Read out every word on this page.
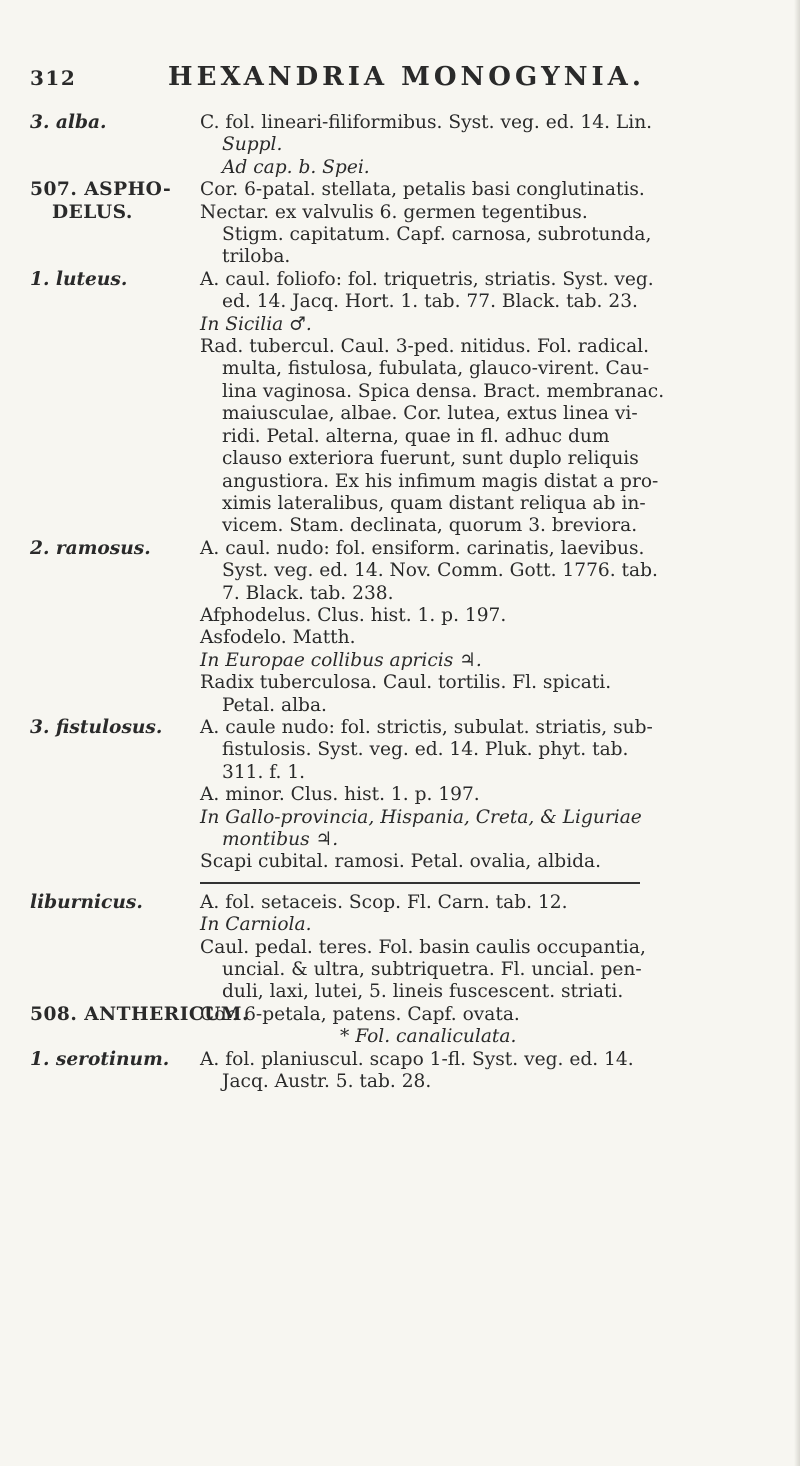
312	HEXANDRIA MONOGYNIA.
3. alba.	C. fol. lineari-filiformibus. Syst. veg. ed. 14. Lin.
Suppl.
Ad cap. b. Spei.
507. ASPHO-
DELUS.
Cor. 6-patal. stellata, petalis basi conglutinatis.
Nectar. ex valvulis 6. germen tegentibus.
Stigm. capitatum. Capf. carnosa, subrotunda,
triloba.
1. luteus.	A. caul. foliofo: fol. triquetris, striatis. Syst. veg.
ed. 14. Jacq. Hort. 1. tab. 77. Black. tab. 23.
In Sicilia ♂.
Rad. tubercul. Caul. 3-ped. nitidus. Fol. radical.
multa, fistulosa, fubulata, glauco-virent. Cau-
lina vaginosa. Spica densa. Bract. membranac.
maiusculae, albae. Cor. lutea, extus linea vi-
ridi. Petal. alterna, quae in fl. adhuc dum
clauso exteriora fuerunt, sunt duplo reliquis
angustiora. Ex his infimum magis distat a pro-
ximis lateralibus, quam distant reliqua ab in-
vicem. Stam. declinata, quorum 3. breviora.
2. ramosus.	A. caul. nudo: fol. ensiform. carinatis, laevibus.
Syst. veg. ed. 14. Nov. Comm. Gott. 1776. tab.
7. Black. tab. 238.
Afphodelus. Clus. hist. 1. p. 197.
Asfodelo. Matth.
In Europae collibus apricis ♃.
Radix tuberculosa. Caul. tortilis. Fl. spicati.
Petal. alba.
3. fistulosus.	A. caule nudo: fol. strictis, subulat. striatis, sub-
fistulosis. Syst. veg. ed. 14. Pluk. phyt. tab.
311. f. 1.
A. minor. Clus. hist. 1. p. 197.
In Gallo-provincia, Hispania, Creta, & Liguriae
montibus ♃.
Scapi cubital. ramosi. Petal. ovalia, albida.
liburnicus.	A. fol. setaceis. Scop. Fl. Carn. tab. 12.
In Carniola.
Caul. pedal. teres. Fol. basin caulis occupantia,
uncial. & ultra, subtriquetra. Fl. uncial. pen-
duli, laxi, lutei, 5. lineis fuscescent. striati.
508. ANTHERICUM.
Cor. 6-petala, patens. Capf. ovata.
* Fol. canaliculata.
1. serotinum.	A. fol. planiuscul. scapo 1-fl. Syst. veg. ed. 14.
Jacq. Austr. 5. tab. 28.
